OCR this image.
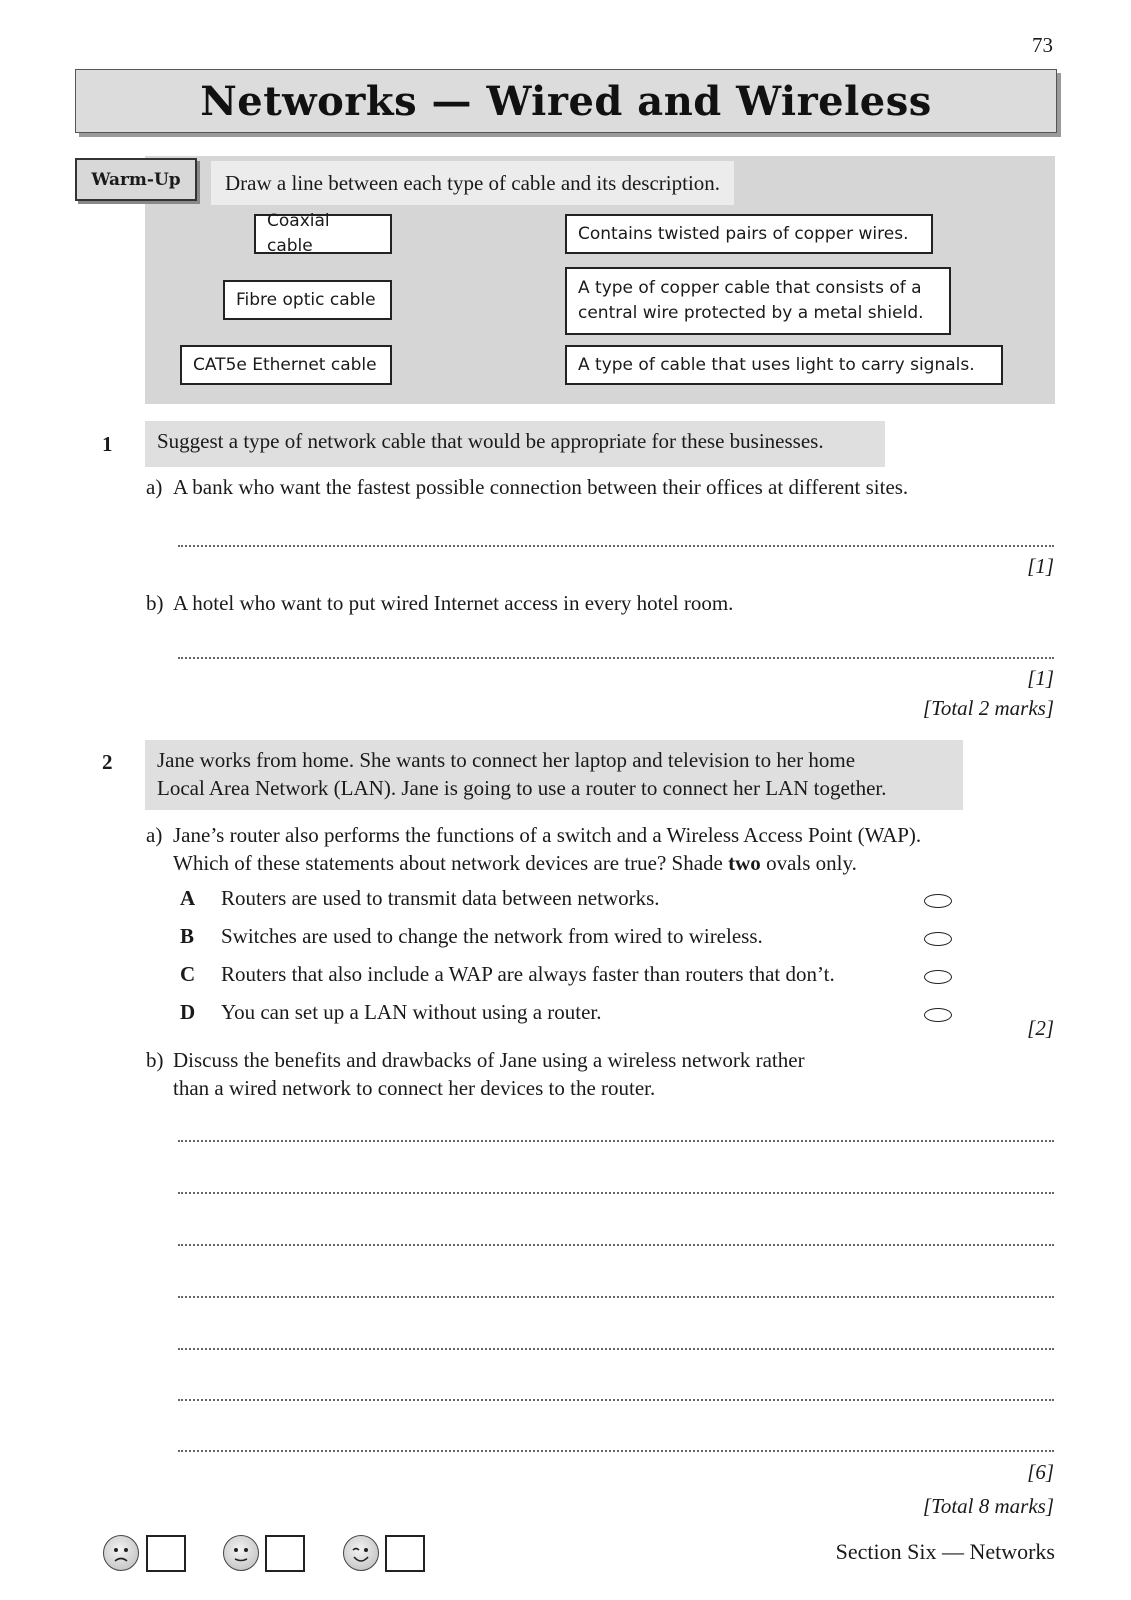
73
Networks — Wired and Wireless
Warm-Up	Draw a line between each type of cable and its description.
Coaxial cable
Fibre optic cable
CAT5e Ethernet cable
Contains twisted pairs of copper wires.
A type of copper cable that consists of a central wire protected by a metal shield.
A type of cable that uses light to carry signals.
1	Suggest a type of network cable that would be appropriate for these businesses.
a) A bank who want the fastest possible connection between their offices at different sites.
[1]
b) A hotel who want to put wired Internet access in every hotel room.
[1]
[Total 2 marks]
2 Jane works from home. She wants to connect her laptop and television to her home
Local Area Network (LAN). Jane is going to use a router to connect her LAN together.
a) Jane’s router also performs the functions of a switch and a Wireless Access Point (WAP).
Which of these statements about network devices are true? Shade two ovals only.
A Routers are used to transmit data between networks.
B Switches are used to change the network from wired to wireless.
C Routers that also include a WAP are always faster than routers that don’t.
D You can set up a LAN without using a router.
[2]
b) Discuss the benefits and drawbacks of Jane using a wireless network rather
than a wired network to connect her devices to the router.
[6]
[Total 8 marks]
Section Six — Networks
